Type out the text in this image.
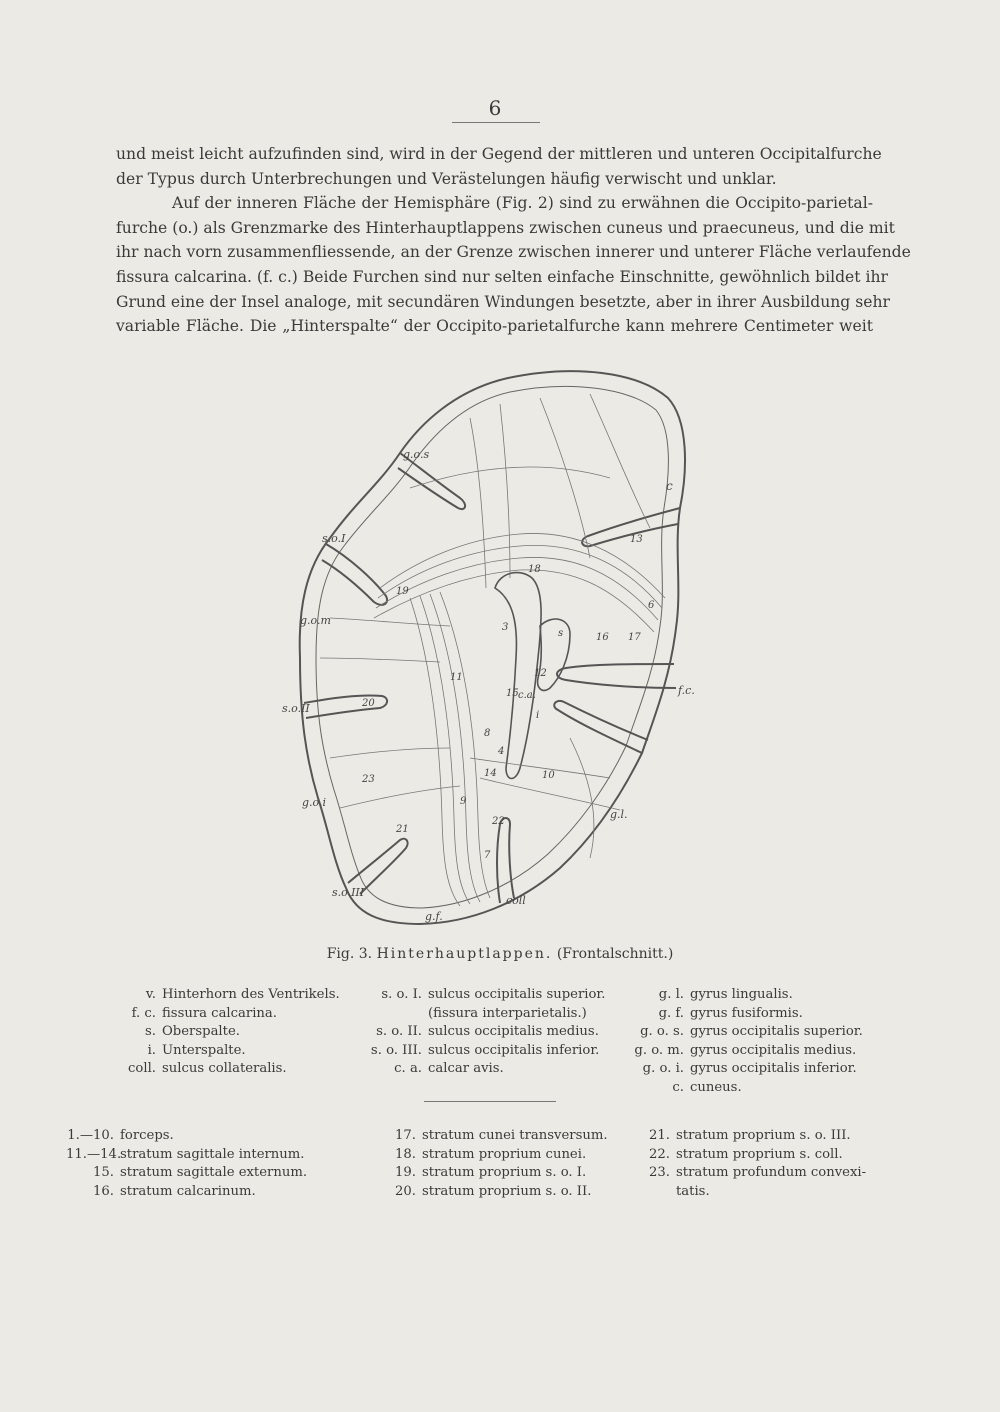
6
und meist leicht aufzufinden sind, wird in der Gegend der mittleren und unteren Occipitalfurche
der Typus durch Unterbrechungen und Verästelungen häufig verwischt und unklar.
Auf der inneren Fläche der Hemisphäre (Fig. 2) sind zu erwähnen die Occipito-parietal-
furche (o.) als Grenzmarke des Hinterhauptlappens zwischen cuneus und praecuneus, und die mit
ihr nach vorn zusammenfliessende, an der Grenze zwischen innerer und unterer Fläche verlaufende
fissura calcarina. (f. c.) Beide Furchen sind nur selten einfache Einschnitte, gewöhnlich bildet ihr
Grund eine der Insel analoge, mit secundären Windungen besetzte, aber in ihrer Ausbildung sehr
variable Fläche. Die „Hinterspalte“ der Occipito-parietalfurche kann mehrere Centimeter weit
g.o.s
s.o.I
g.o.m
s.o.II
g.o.i
s.o.III
g.f.
coll
g.l.
f.c.
c
c.a.
s
i
13
6
17
16
15
19
20
23
21
22
10
11	12
14
18
3
8
9
4
7
Fig. 3. Hinterhauptlappen. (Frontalschnitt.)
v. Hinterhorn des Ventrikels.
f. c. fissura calcarina.
s. Oberspalte.
i. Unterspalte.
coll. sulcus collateralis.
s. o. I. sulcus occipitalis superior.
(fissura interparietalis.)
s. o. II. sulcus occipitalis medius.
s. o. III. sulcus occipitalis inferior.
c. a. calcar avis.
g. l. gyrus lingualis.
g. f. gyrus fusiformis.
g. o. s. gyrus occipitalis superior.
g. o. m. gyrus occipitalis medius.
g. o. i. gyrus occipitalis inferior.
c. cuneus.
1.—10. forceps.
11.—14.stratum sagittale internum.
15. stratum sagittale externum.
16. stratum calcarinum.
17. stratum cunei transversum.
18. stratum proprium cunei.
19. stratum proprium s. o. I.
20. stratum proprium s. o. II.
21. stratum proprium s. o. III.
22. stratum proprium s. coll.
23. stratum profundum convexi-
tatis.
